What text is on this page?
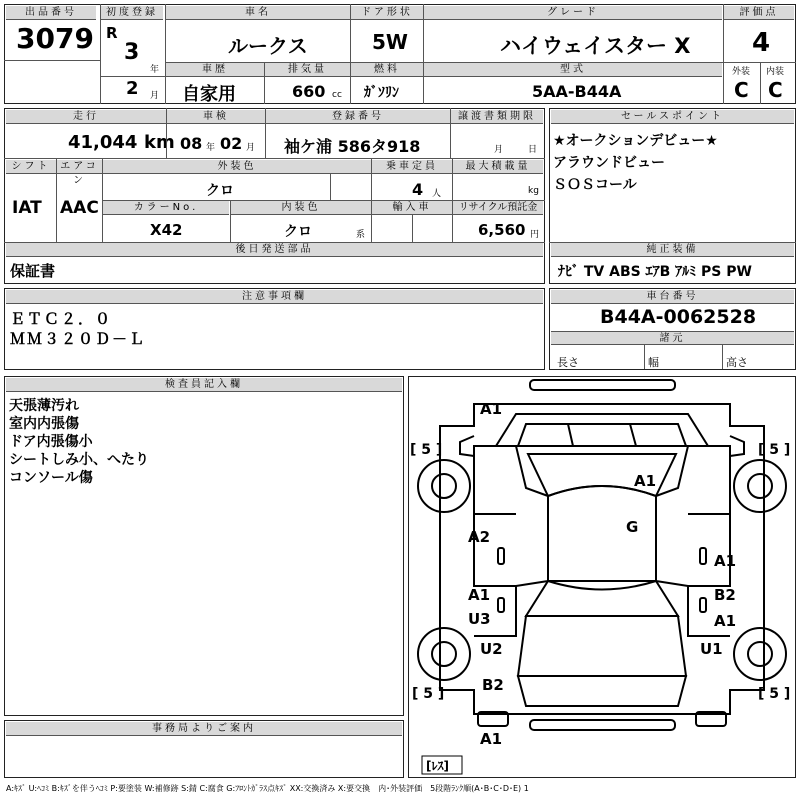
出品番号
3079
初度登録
R
3
年
2 月
車名
ルークス
ドア形状
5W
グレード
ハイウェイスター X
評価点
4
車歴
自家用
排気量
660 cc
燃料
ｶﾞｿﾘﾝ
型式
5AA-B44A
外装 内装
C C
走行
41,044 km
車検
08 年 02 月
登録番号
袖ケ浦 586タ918
譲渡書類期限
月	日
シフト
IAT
エアコン
AAC
外装色
クロ
乗車定員
4 人
最大積載量
kg
カラーNo.
X42
内装色
クロ	系
輸入車	リサイクル預託金
6,560 円
後日発送部品
保証書
セールスポイント
★オークションデビュー★
アラウンドビュー
ＳＯＳコール
純正装備
ﾅﾋﾞ TV ABS ｴｱB ｱﾙﾐ PS PW
注意事項欄
ＥＴＣ２．０
ＭＭ３２０Ｄ－Ｌ
車台番号
B44A-0062528
諸元
長さ	幅	高さ
検査員記入欄
天張薄汚れ
室内内張傷
ドア内張傷小
シートしみ小、へたり
コンソール傷
事務局よりご案内
A1
A1
G
A2
A1
A1	B2
U3	A1
U2	U1
B2
A1
[ 5 ]	[ 5 ]
[ 5 ]	[ 5 ]
[ﾚｽ]
A:ｷｽﾞ U:ﾍｺﾐ B:ｷｽﾞを伴うﾍｺﾐ P:要塗装 W:補修跡 S:錆 C:腐食 G:ﾌﾛﾝﾄｶﾞﾗｽ点ｷｽﾞ XX:交換済み X:要交換　内･外装評価　5段階ﾗﾝｸ順(A･B･C･D･E) 1
